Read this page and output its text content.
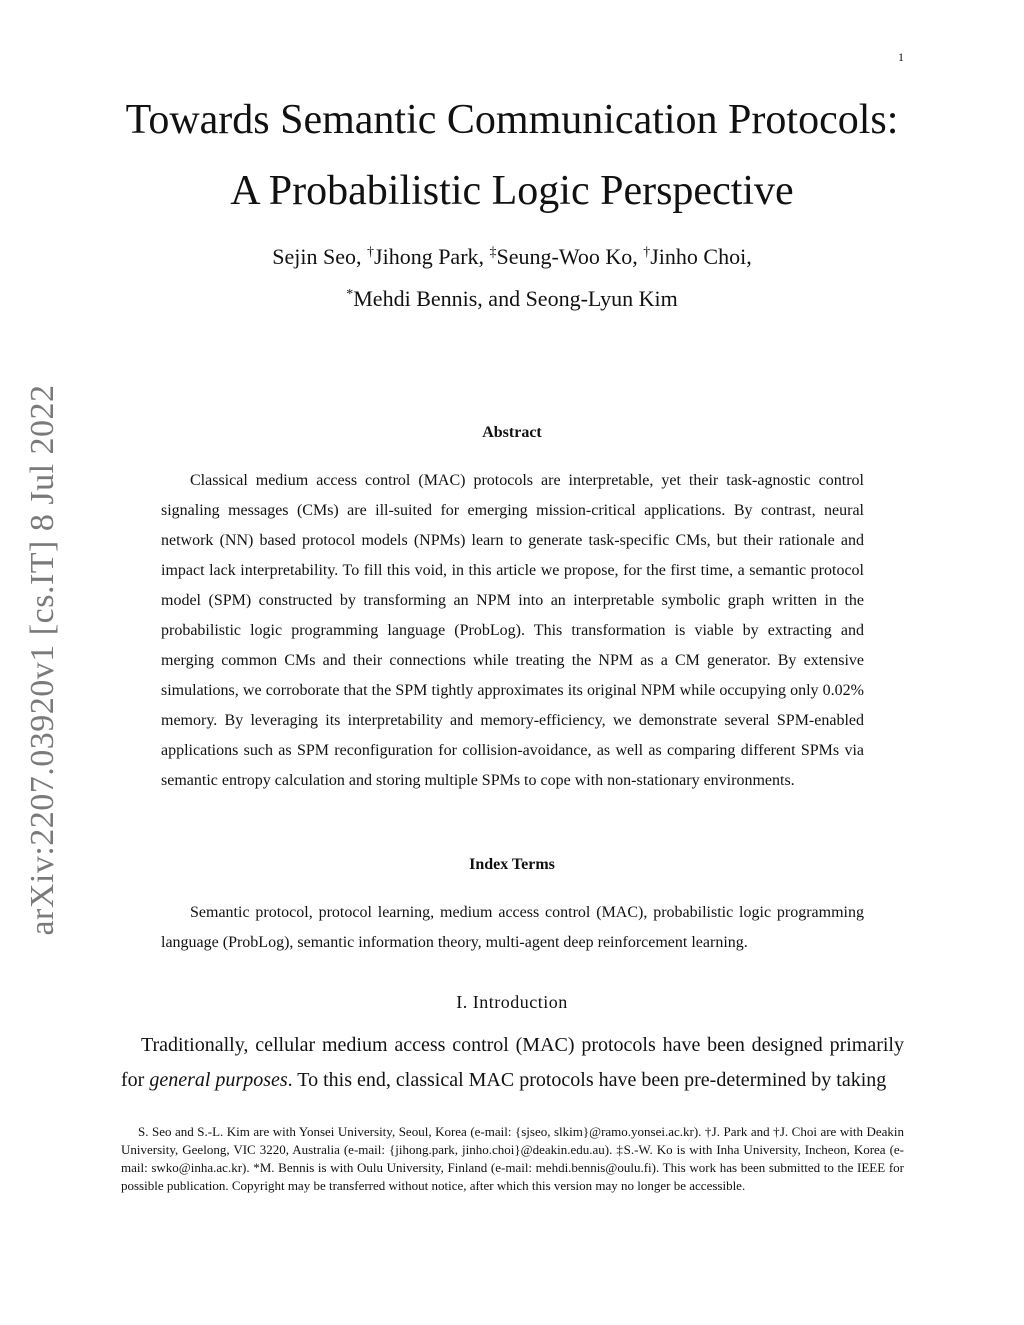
1
arXiv:2207.03920v1 [cs.IT] 8 Jul 2022
Towards Semantic Communication Protocols:
A Probabilistic Logic Perspective
Sejin Seo, †Jihong Park, ‡Seung-Woo Ko, †Jinho Choi,
*Mehdi Bennis, and Seong-Lyun Kim
Abstract

Classical medium access control (MAC) protocols are interpretable, yet their task-agnostic control signaling messages (CMs) are ill-suited for emerging mission-critical applications. By contrast, neural network (NN) based protocol models (NPMs) learn to generate task-specific CMs, but their rationale and impact lack interpretability. To fill this void, in this article we propose, for the first time, a semantic protocol model (SPM) constructed by transforming an NPM into an interpretable symbolic graph written in the probabilistic logic programming language (ProbLog). This transformation is viable by extracting and merging common CMs and their connections while treating the NPM as a CM generator. By extensive simulations, we corroborate that the SPM tightly approximates its original NPM while occupying only 0.02% memory. By leveraging its interpretability and memory-efficiency, we demonstrate several SPM-enabled applications such as SPM reconfiguration for collision-avoidance, as well as comparing different SPMs via semantic entropy calculation and storing multiple SPMs to cope with non-stationary environments.

Index Terms

Semantic protocol, protocol learning, medium access control (MAC), probabilistic logic programming language (ProbLog), semantic information theory, multi-agent deep reinforcement learning.

I. Introduction

Traditionally, cellular medium access control (MAC) protocols have been designed primarily for general purposes. To this end, classical MAC protocols have been pre-determined by taking

S. Seo and S.-L. Kim are with Yonsei University, Seoul, Korea (e-mail: {sjseo, slkim}@ramo.yonsei.ac.kr). †J. Park and †J. Choi are with Deakin University, Geelong, VIC 3220, Australia (e-mail: {jihong.park, jinho.choi}@deakin.edu.au). ‡S.-W. Ko is with Inha University, Incheon, Korea (e-mail: swko@inha.ac.kr). *M. Bennis is with Oulu University, Finland (e-mail: mehdi.bennis@oulu.fi). This work has been submitted to the IEEE for possible publication. Copyright may be transferred without notice, after which this version may no longer be accessible.
